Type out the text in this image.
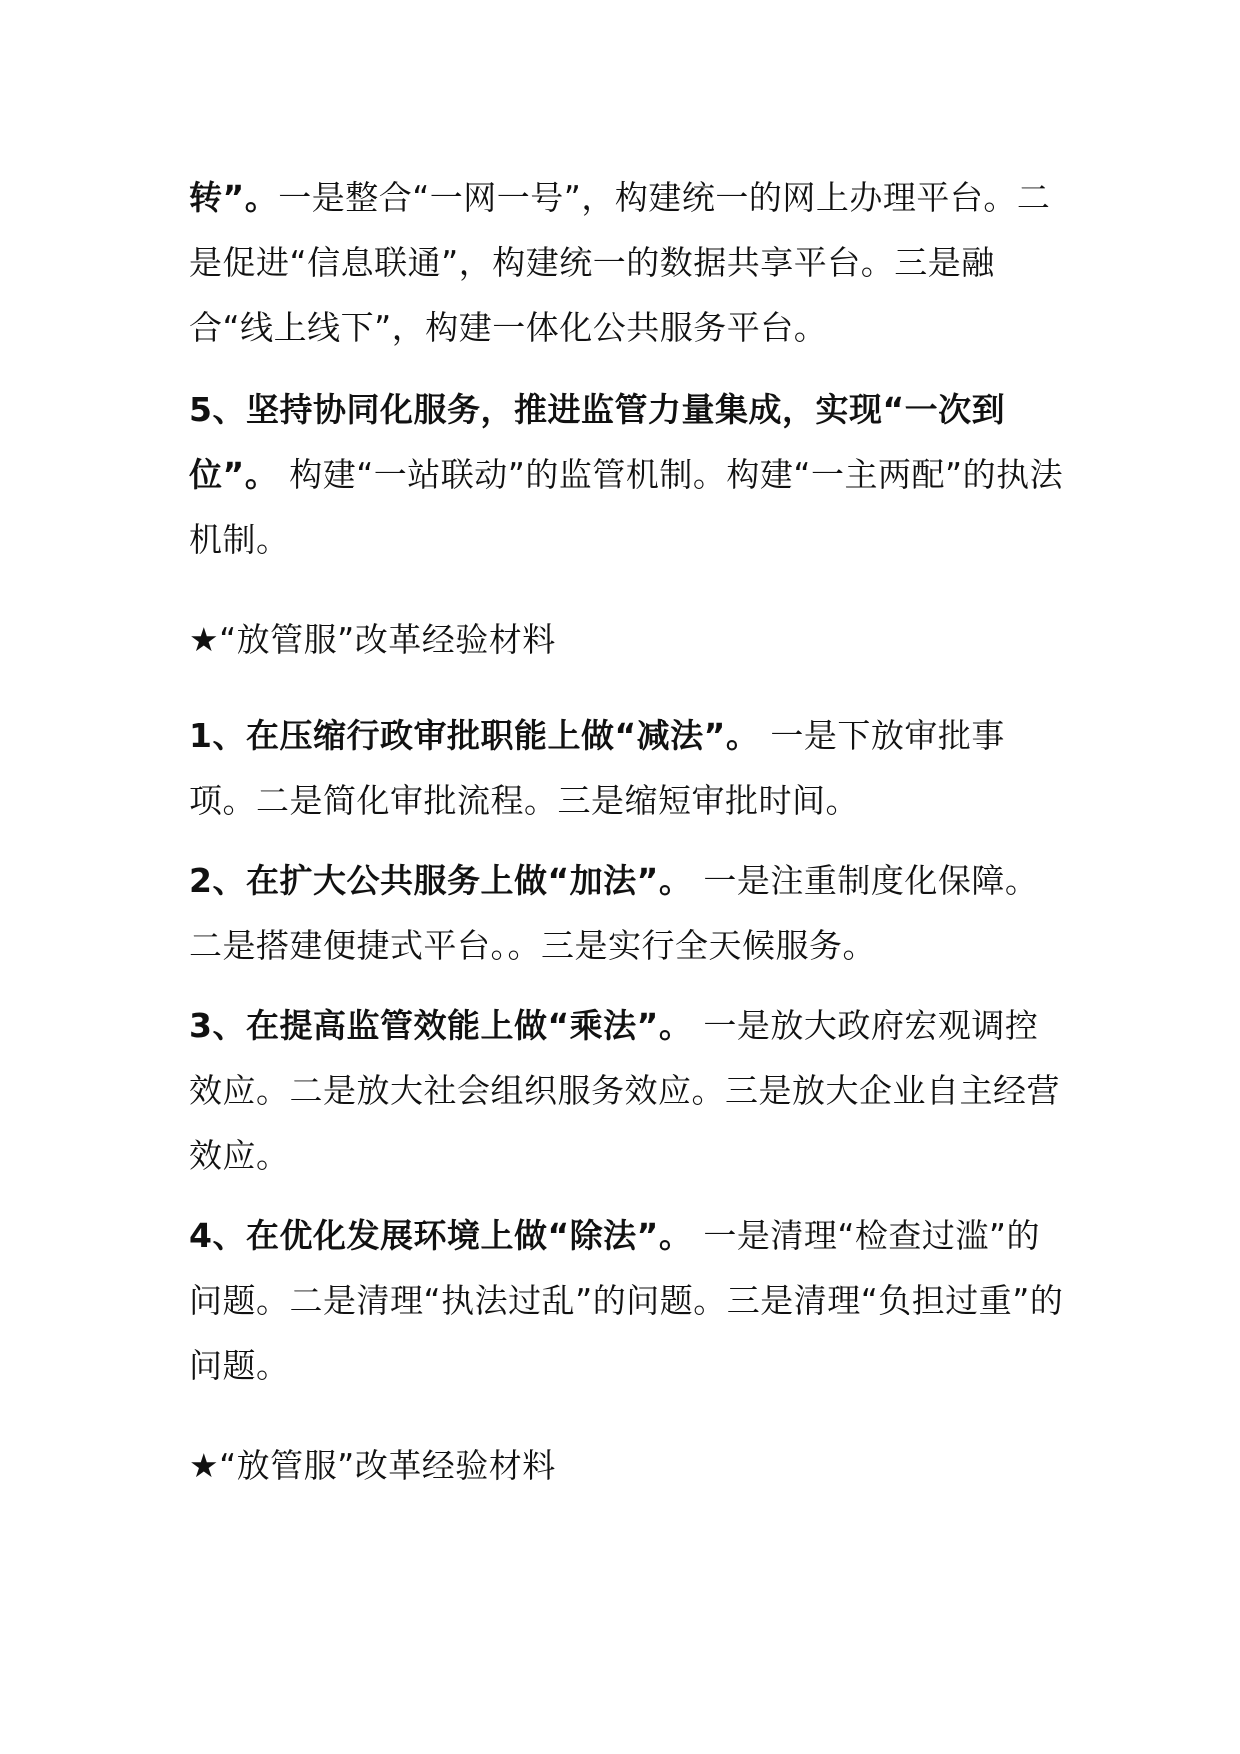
转”。一是整合“一网一号”，构建统一的网上办理平台。二是促进“信息联通”，构建统一的数据共享平台。三是融合“线上线下”，构建一体化公共服务平台。

5、坚持协同化服务，推进监管力量集成，实现“一次到位”。 构建“一站联动”的监管机制。构建“一主两配”的执法机制。

★“放管服”改革经验材料

1、在压缩行政审批职能上做“减法”。 一是下放审批事项。二是简化审批流程。三是缩短审批时间。

2、在扩大公共服务上做“加法”。 一是注重制度化保障。二是搭建便捷式平台。。三是实行全天候服务。

3、在提高监管效能上做“乘法”。 一是放大政府宏观调控效应。二是放大社会组织服务效应。三是放大企业自主经营效应。

4、在优化发展环境上做“除法”。 一是清理“检查过滥”的问题。二是清理“执法过乱”的问题。三是清理“负担过重”的问题。

★“放管服”改革经验材料
